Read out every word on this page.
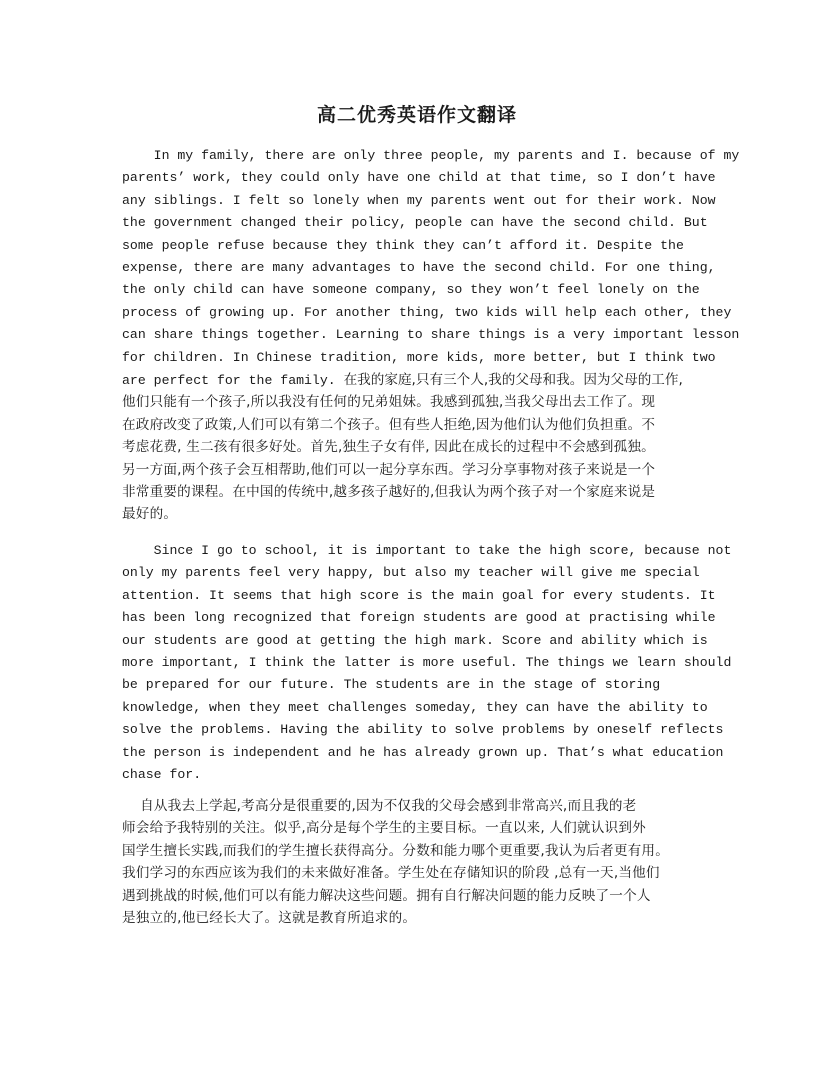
高二优秀英语作文翻译
In my family, there are only three people, my parents and I. because of my
parents’ work, they could only have one child at that time, so I don’t have
any siblings. I felt so lonely when my parents went out for their work. Now
the government changed their policy, people can have the second child. But
some people refuse because they think they can’t afford it. Despite the
expense, there are many advantages to have the second child. For one thing,
the only child can have someone company, so they won’t feel lonely on the
process of growing up. For another thing, two kids will help each other, they
can share things together. Learning to share things is a very important lesson
for children. In Chinese tradition, more kids, more better, but I think two
are perfect for the family. 在我的家庭,只有三个人,我的父母和我。因为父母的工作,
他们只能有一个孩子,所以我没有任何的兄弟姐妹。我感到孤独,当我父母出去工作了。现
在政府改变了政策,人们可以有第二个孩子。但有些人拒绝,因为他们认为他们负担重。不
考虑花费, 生二孩有很多好处。首先,独生子女有伴, 因此在成长的过程中不会感到孤独。
另一方面,两个孩子会互相帮助,他们可以一起分享东西。学习分享事物对孩子来说是一个
非常重要的课程。在中国的传统中,越多孩子越好的,但我认为两个孩子对一个家庭来说是
最好的。
Since I go to school, it is important to take the high score, because not
only my parents feel very happy, but also my teacher will give me special
attention. It seems that high score is the main goal for every students. It
has been long recognized that foreign students are good at practising while
our students are good at getting the high mark. Score and ability which is
more important, I think the latter is more useful. The things we learn should
be prepared for our future. The students are in the stage of storing
knowledge, when they meet challenges someday, they can have the ability to
solve the problems. Having the ability to solve problems by oneself reflects
the person is independent and he has already grown up. That’s what education
chase for.
自从我去上学起,考高分是很重要的,因为不仅我的父母会感到非常高兴,而且我的老
师会给予我特别的关注。似乎,高分是每个学生的主要目标。一直以来, 人们就认识到外
国学生擅长实践,而我们的学生擅长获得高分。分数和能力哪个更重要,我认为后者更有用。
我们学习的东西应该为我们的未来做好准备。学生处在存储知识的阶段 ,总有一天,当他们
遇到挑战的时候,他们可以有能力解决这些问题。拥有自行解决问题的能力反映了一个人
是独立的,他已经长大了。这就是教育所追求的。
